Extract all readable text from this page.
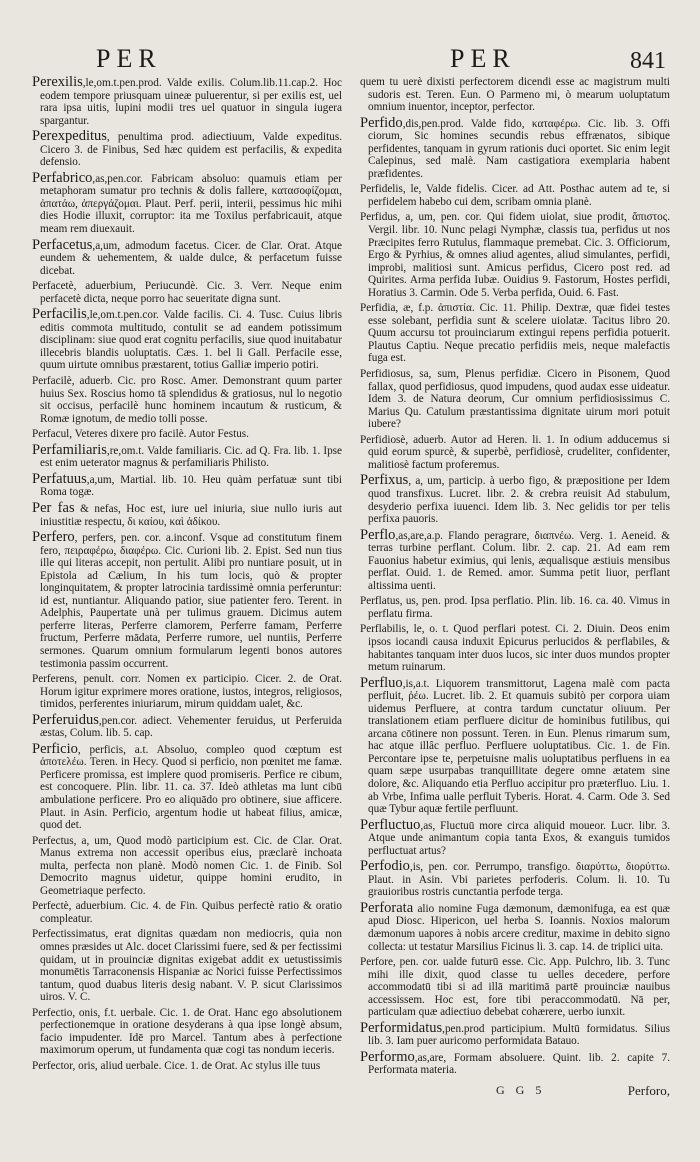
PER	PER	841

Perexilis,le,om.t.pen.prod. Valde exilis. Colum.lib.11.cap.2. Hoc eodem tempore priusquam uineæ puluerentur, si per exilis est, uel rara ipsa uitis, lupini modii tres uel quatuor in singula iugera spargantur.

Perexpeditus, penultima prod. adiectiuum, Valde expeditus. Cicero 3. de Finibus, Sed hæc quidem est perfacilis, & expedita defensio.

Perfabrico,as,pen.cor. Fabricam absoluo: quamuis etiam per metaphoram sumatur pro technis & dolis fallere, κατασοφίζομαι, ἀπατάω, ἀπεργάζομαι. Plaut. Perf. perii, interii, pessimus hic mihi dies Hodie illuxit, corruptor: ita me Toxilus perfabricauit, atque meam rem diuexauit.

Perfacetus,a,um, admodum facetus. Cicer. de Clar. Orat. Atque eundem & uehementem, & ualde dulce, & perfacetum fuisse dicebat.

Perfacetè, aduerbium, Periucundè. Cic. 3. Verr. Neque enim perfacetè dicta, neque porro hac seueritate digna sunt.

Perfacilis,le,om.t.pen.cor. Valde facilis. Ci. 4. Tusc. Cuius libris editis commota multitudo, contulit se ad eandem potissimum disciplinam: siue quod erat cognitu perfacilis, siue quod inuitabatur illecebris blandis uoluptatis. Cæs. 1. bel li Gall. Perfacile esse, quum uirtute omnibus præstarent, totius Galliæ imperio potiri.

Perfacilè, aduerb. Cic. pro Rosc. Amer. Demonstrant quum parter huius Sex. Roscius homo tā splendidus & gratiosus, nul lo negotio sit occisus, perfacilè hunc hominem incautum & rusticum, & Romæ ignotum, de medio tolli posse.

Perfacul, Veteres dixere pro facilè. Autor Festus.

Perfamiliaris,re,om.t. Valde familiaris. Cic. ad Q. Fra. lib. 1. Ipse est enim ueterator magnus & perfamiliaris Philisto.

Perfatuus,a,um, Martial. lib. 10. Heu quàm perfatuæ sunt tibi Roma togæ.

Per fas & nefas, Hoc est, iure uel iniuria, siue nullo iuris aut iniustitiæ respectu, δι καίου, καὶ ἀδίκου.

Perfero, perfers, pen. cor. a.inconf. Vsque ad constitutum finem fero, πειραφέρω, διαφέρω. Cic. Curioni lib. 2. Epist. Sed nun tius ille qui literas accepit, non pertulit. Alibi pro nuntiare posuit, ut in Epistola ad Cælium, In his tum locis, quò & propter longinquitatem, & propter latrocinia tardissimè omnia perferuntur: id est, nuntiantur. Aliquando patior, siue patienter fero. Terent. in Adelphis, Paupertate unà per tulimus grauem. Dicimus autem perferre literas, Perferre clamorem, Perferre famam, Perferre fructum, Perferre mādata, Perferre rumore, uel nuntiis, Perferre sermones. Quarum omnium formularum legenti bonos autores testimonia passim occurrent.

Perferens, penult. corr. Nomen ex participio. Cicer. 2. de Orat. Horum igitur exprimere mores oratione, iustos, integros, religiosos, timidos, perferentes iniuriarum, mirum quiddam ualet, &c.

Perferuidus,pen.cor. adiect. Vehementer feruidus, ut Perferuida æstas, Colum. lib. 5. cap.

Perficio, perficis, a.t. Absoluo, compleo quod cœptum est ἀποτελέω. Teren. in Hecy. Quod si perficio, non pœnitet me famæ. Perficere promissa, est implere quod promiseris. Perfice re cibum, est concoquere. Plin. libr. 11. ca. 37. Ideò athletas ma lunt cibū ambulatione perficere. Pro eo aliquādo pro obtinere, siue afficere. Plaut. in Asin. Perficio, argentum hodie ut habeat filius, amicæ, quod det.

Perfectus, a, um, Quod modò participium est. Cic. de Clar. Orat. Manus extrema non accessit operibus eius, præclarè inchoata multa, perfecta non planè. Modò nomen Cic. 1. de Finib. Sol Democrito magnus uidetur, quippe homini erudito, in Geometriaque perfecto.

Perfectè, aduerbium. Cic. 4. de Fin. Quibus perfectè ratio & oratio compleatur.

Perfectissimatus, erat dignitas quædam non mediocris, quia non omnes præsides ut Alc. docet Clarissimi fuere, sed & per fectissimi quidam, ut in prouinciæ dignitas exigebat addit ex uetustissimis monumētis Tarraconensis Hispaniæ ac Norici fuisse Perfectissimos tantum, quod duabus literis desig nabant. V. P. sicut Clarissimos uiros. V. C.

Perfectio, onis, f.t. uerbale. Cic. 1. de Orat. Hanc ego absolutionem perfectionemque in oratione desyderans à qua ipse longè absum, facio impudenter. Idē pro Marcel. Tantum abes à perfectione maximorum operum, ut fundamenta quæ cogi tas nondum ieceris.

Perfector, oris, aliud uerbale. Cice. 1. de Orat. Ac stylus ille tuus

quem tu uerè dixisti perfectorem dicendi esse ac magistrum multi sudoris est. Teren. Eun. O Parmeno mi, ò mearum uoluptatum omnium inuentor, inceptor, perfector.

Perfido,dis,pen.prod. Valde fido, καταφέρω. Cic. lib. 3. Offi ciorum, Sic homines secundis rebus effrænatos, sibique perfidentes, tanquam in gyrum rationis duci oportet. Sic enim legit Calepinus, sed malè. Nam castigatiora exemplaria habent præfidentes.

Perfidelis, le, Valde fidelis. Cicer. ad Att. Posthac autem ad te, si perfidelem habebo cui dem, scribam omnia planè.

Perfidus, a, um, pen. cor. Qui fidem uiolat, siue prodit, ἄπιστος. Vergil. libr. 10. Nunc pelagi Nymphæ, classis tua, perfidus ut nos Præcipites ferro Rutulus, flammaque premebat. Cic. 3. Officiorum, Ergo & Pyrhius, & omnes aliud agentes, aliud simulantes, perfidi, improbi, malitiosi sunt. Amicus perfidus, Cicero post red. ad Quirites. Arma perfida Iubæ. Ouidius 9. Fastorum, Hostes perfidi, Horatius 3. Carmin. Ode 5. Verba perfida, Ouid. 6. Fast.

Perfidia, æ, f.p. ἀπιστία. Cic. 11. Philip. Dextræ, quæ fidei testes esse solebant, perfidia sunt & scelere uiolatæ. Tacitus libro 20. Quum accursu tot prouinciarum extingui repens perfidia potuerit. Plautus Captiu. Neque precatio perfidiis meis, neque malefactis fuga est.

Perfidiosus, sa, sum, Plenus perfidiæ. Cicero in Pisonem, Quod fallax, quod perfidiosus, quod impudens, quod audax esse uideatur. Idem 3. de Natura deorum, Cur omnium perfidiosissimus C. Marius Qu. Catulum præstantissima dignitate uirum mori potuit iubere?

Perfidiosè, aduerb. Autor ad Heren. li. 1. In odium adducemus si quid eorum spurcè, & superbè, perfidiosè, crudeliter, confidenter, malitiosè factum proferemus.

Perfixus, a, um, particip. à uerbo figo, & præpositione per Idem quod transfixus. Lucret. libr. 2. & crebra reuisit Ad stabulum, desyderio perfixa iuuenci. Idem lib. 3. Nec gelidis tor per telis perfixa pauoris.

Perflo,as,are,a.p. Flando peragrare, διαπνέω. Verg. 1. Aeneid. & terras turbine perflant. Colum. libr. 2. cap. 21. Ad eam rem Fauonius habetur eximius, qui lenis, æqualisque æstiuis mensibus perflat. Ouid. 1. de Remed. amor. Summa petit liuor, perflant altissima uenti.

Perflatus, us, pen. prod. Ipsa perflatio. Plin. lib. 16. ca. 40. Vimus in perflatu firma.

Perflabilis, le, o. t. Quod perflari potest. Ci. 2. Diuin. Deos enim ipsos iocandi causa induxit Epicurus perlucidos & perflabiles, & habitantes tanquam inter duos lucos, sic inter duos mundos propter metum ruinarum.

Perfluo,is,a.t. Liquorem transmittorut, Lagena malè com pacta perfluit, ῥέω. Lucret. lib. 2. Et quamuis subitò per corpora uiam uidemus Perfluere, at contra tardum cunctatur oliuum. Per translationem etiam perfluere dicitur de hominibus futilibus, qui arcana cōtinere non possunt. Teren. in Eun. Plenus rimarum sum, hac atque illâc perfluo. Perfluere uoluptatibus. Cic. 1. de Fin. Percontare ipse te, perpetuisne malis uoluptatibus perfluens in ea quam sæpe usurpabas tranquillitate degere omne ætatem sine dolore, &c. Aliquando etia Perfluo accipitur pro præterfluo. Liu. 1. ab Vrbe, Infima ualle perfluit Tyberis. Horat. 4. Carm. Ode 3. Sed quæ Tybur aquæ fertile perfluunt.

Perfluctuo,as, Fluctuū more circa aliquid moueor. Lucr. libr. 3. Atque unde animantum copia tanta Exos, & exanguis tumidos perfluctuat artus?

Perfodio,is, pen. cor. Perrumpo, transfigo. διαρύττω, διορύττω. Plaut. in Asin. Vbi parietes perfoderis. Colum. li. 10. Tu grauioribus rostris cunctantia perfode terga.

Perforata alio nomine Fuga dæmonum, dæmonifuga, ea est quæ apud Diosc. Hipericon, uel herba S. Ioannis. Noxios malorum dæmonum uapores à nobis arcere creditur, maxime in debito signo collecta: ut testatur Marsilius Ficinus li. 3. cap. 14. de triplici uita.

Perfore, pen. cor. ualde futurū esse. Cic. App. Pulchro, lib. 3. Tunc mihi ille dixit, quod classe tu uelles decedere, perfore accommodatū tibi si ad illā maritimā partē prouinciæ nauibus accessissem. Hoc est, fore tibi peraccommodatū. Nā per, particulam quæ adiectiuo debebat cohærere, uerbo iunxit.

Performidatus,pen.prod participium. Multū formidatus. Silius lib. 3. Iam puer auricomo performidata Batauo.

Performo,as,are, Formam absoluere. Quint. lib. 2. capite 7. Performata materia.

G G 5	Perforo,
